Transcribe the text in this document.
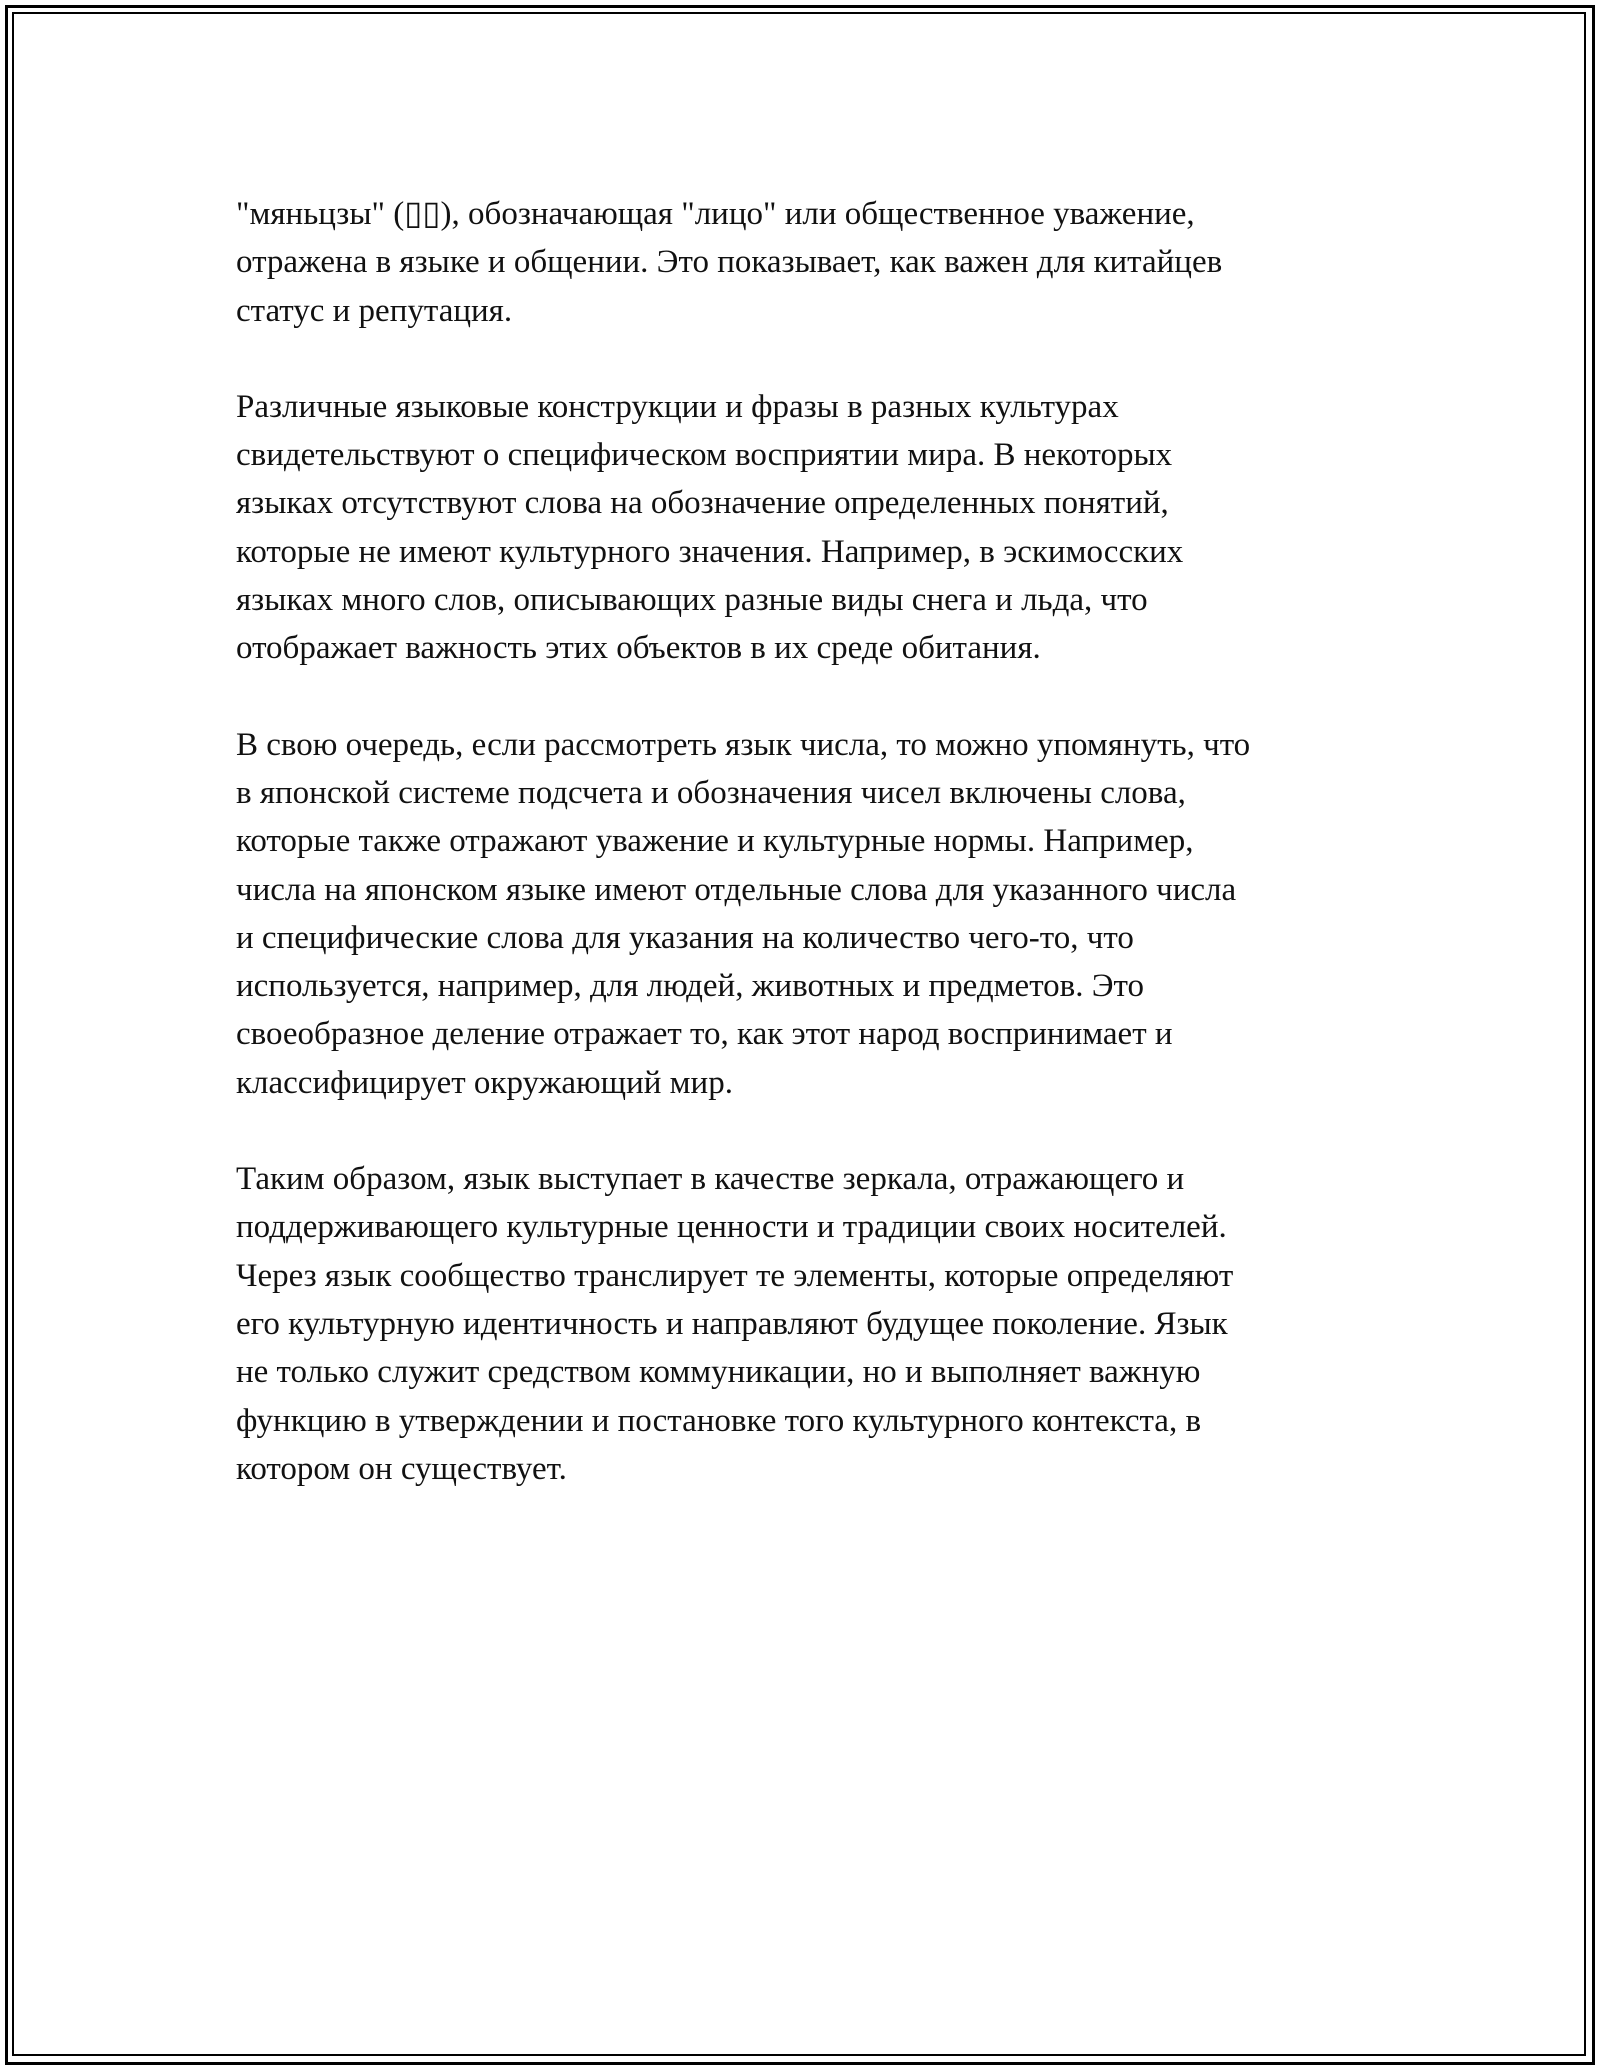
"мяньцзы" (▯▯), обозначающая "лицо" или общественное уважение,
отражена в языке и общении. Это показывает, как важен для китайцев
статус и репутация.

Различные языковые конструкции и фразы в разных культурах
свидетельствуют о специфическом восприятии мира. В некоторых
языках отсутствуют слова на обозначение определенных понятий,
которые не имеют культурного значения. Например, в эскимосских
языках много слов, описывающих разные виды снега и льда, что
отображает важность этих объектов в их среде обитания.

В свою очередь, если рассмотреть язык числа, то можно упомянуть, что
в японской системе подсчета и обозначения чисел включены слова,
которые также отражают уважение и культурные нормы. Например,
числа на японском языке имеют отдельные слова для указанного числа
и специфические слова для указания на количество чего-то, что
используется, например, для людей, животных и предметов. Это
своеобразное деление отражает то, как этот народ воспринимает и
классифицирует окружающий мир.

Таким образом, язык выступает в качестве зеркала, отражающего и
поддерживающего культурные ценности и традиции своих носителей.
Через язык сообщество транслирует те элементы, которые определяют
его культурную идентичность и направляют будущее поколение. Язык
не только служит средством коммуникации, но и выполняет важную
функцию в утверждении и постановке того культурного контекста, в
котором он существует.
